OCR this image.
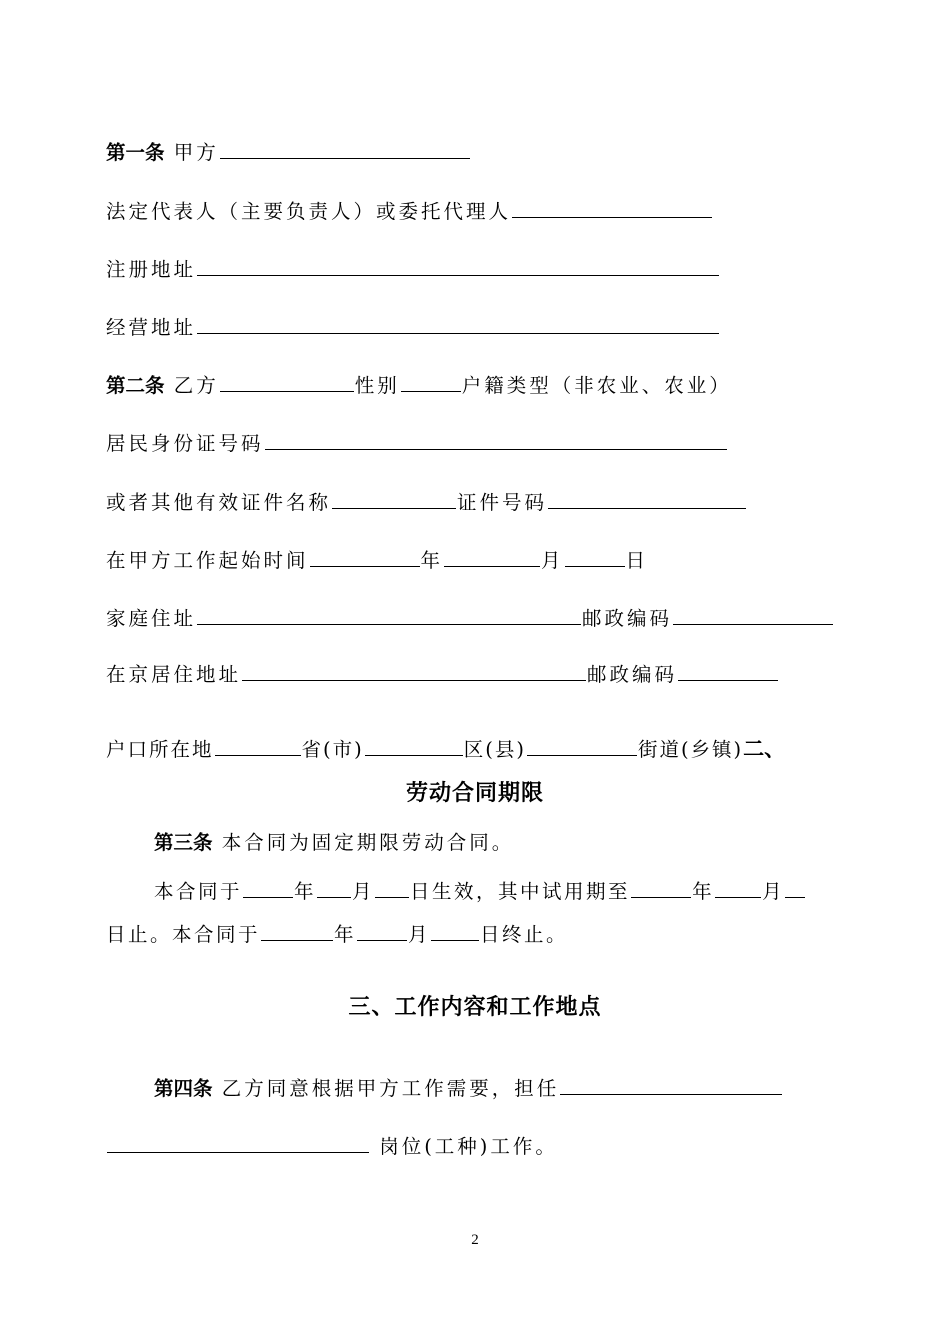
第一条 甲方
法定代表人（主要负责人）或委托代理人
注册地址
经营地址
第二条 乙方	性别	户籍类型（非农业、农业）
居民身份证号码
或者其他有效证件名称	证件号码
在甲方工作起始时间	年	月	日
家庭住址	邮政编码
在京居住地址	邮政编码
户口所在地	省(市)	区(县)	街道(乡镇)二、
劳动合同期限
第三条 本合同为固定期限劳动合同。
本合同于	年 月 日生效，其中试用期至	年 月
日止。本合同于	年	月	日终止。
三、工作内容和工作地点
第四条 乙方同意根据甲方工作需要，担任
岗位(工种)工作。
2
